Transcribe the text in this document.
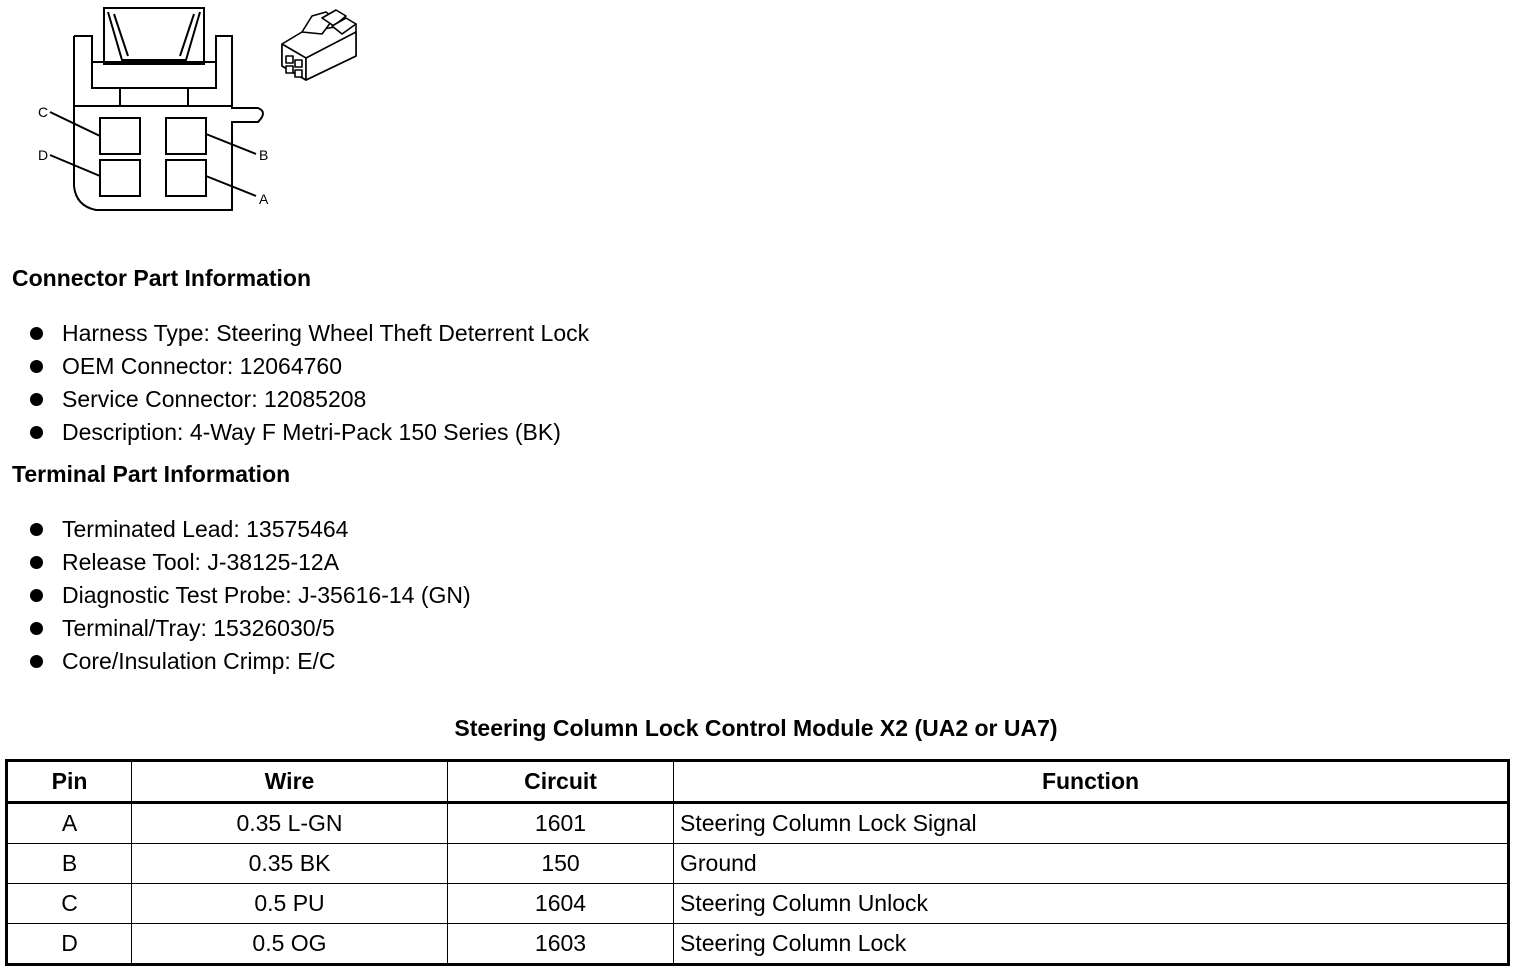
C
D	B
A
Connector Part Information
Harness Type: Steering Wheel Theft Deterrent Lock
OEM Connector: 12064760
Service Connector: 12085208
Description: 4-Way F Metri-Pack 150 Series (BK)
Terminal Part Information
Terminated Lead: 13575464
Release Tool: J-38125-12A
Diagnostic Test Probe: J-35616-14 (GN)
Terminal/Tray: 15326030/5
Core/Insulation Crimp: E/C
Steering Column Lock Control Module X2 (UA2 or UA7)
Pin	Wire	Circuit	Function
A	0.35 L-GN	1601	Steering Column Lock Signal
B	0.35 BK	150	Ground
C	0.5 PU	1604	Steering Column Unlock
D	0.5 OG	1603	Steering Column Lock
